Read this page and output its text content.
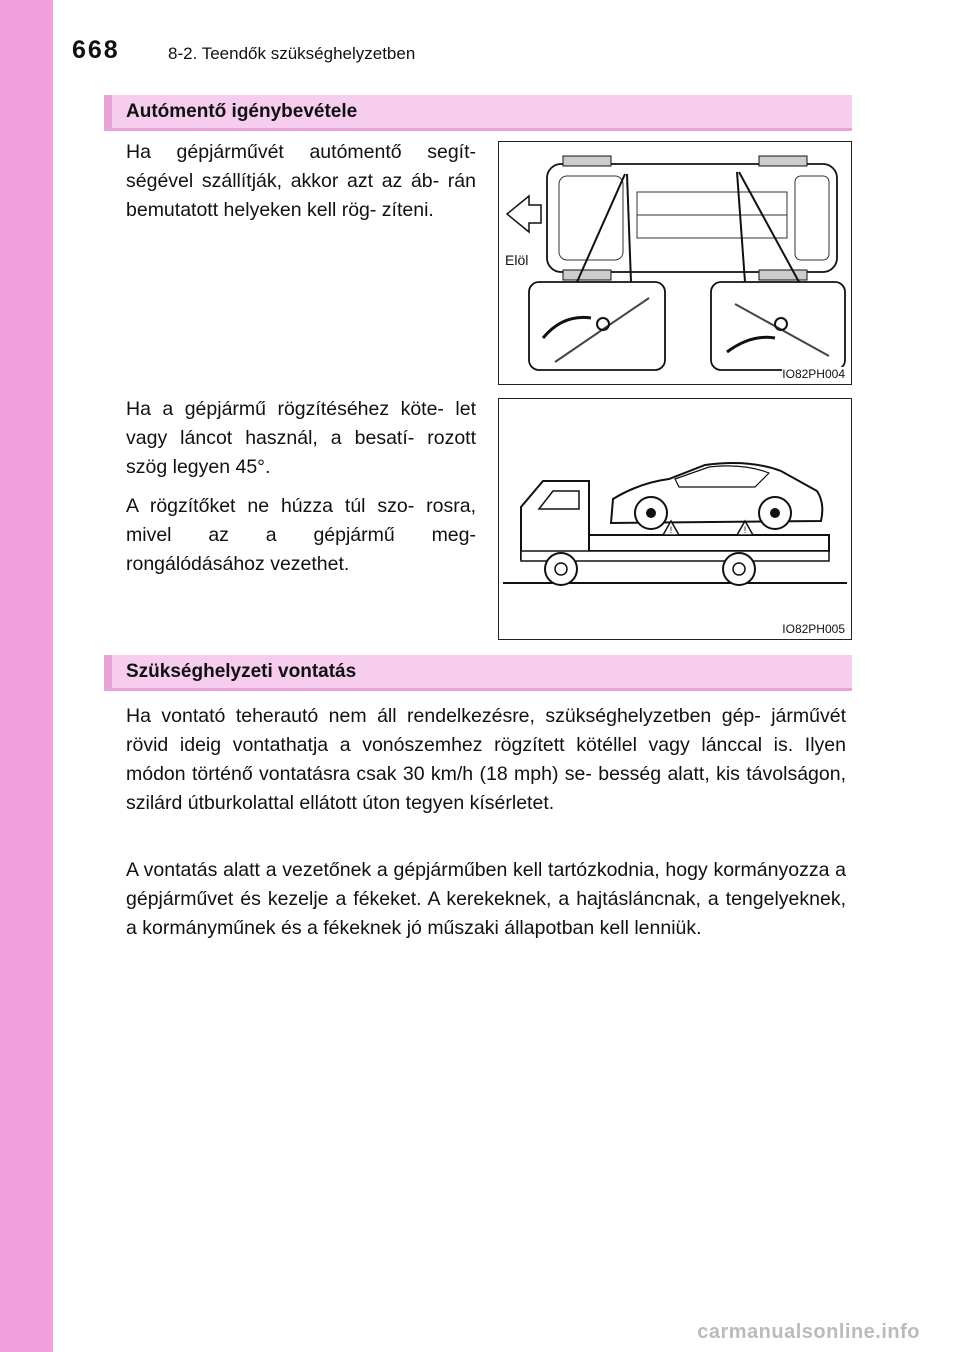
668	8-2. Teendők szükséghelyzetben
Autómentő igénybevétele

Ha gépjárművét autómentő segít- ségével szállítják, akkor azt az áb- rán bemutatott helyeken kell rög- zíteni.

Elöl
IO82PH004

Ha a gépjármű rögzítéséhez köte- let vagy láncot használ, a besatí- rozott szög legyen 45°.

A rögzítőket ne húzza túl szo- rosra, mivel az a gépjármű meg- rongálódásához vezethet.

!	!
IO82PH005
Szükséghelyzeti vontatás

Ha vontató teherautó nem áll rendelkezésre, szükséghelyzetben gép- járművét rövid ideig vontathatja a vonószemhez rögzített kötéllel vagy lánccal is. Ilyen módon történő vontatásra csak 30 km/h (18 mph) se- besség alatt, kis távolságon, szilárd útburkolattal ellátott úton tegyen kísérletet.

A vontatás alatt a vezetőnek a gépjárműben kell tartózkodnia, hogy kormányozza a gépjárművet és kezelje a fékeket. A kerekeknek, a hajtásláncnak, a tengelyeknek, a kormányműnek és a fékeknek jó műszaki állapotban kell lenniük.

carmanualsonline.info
